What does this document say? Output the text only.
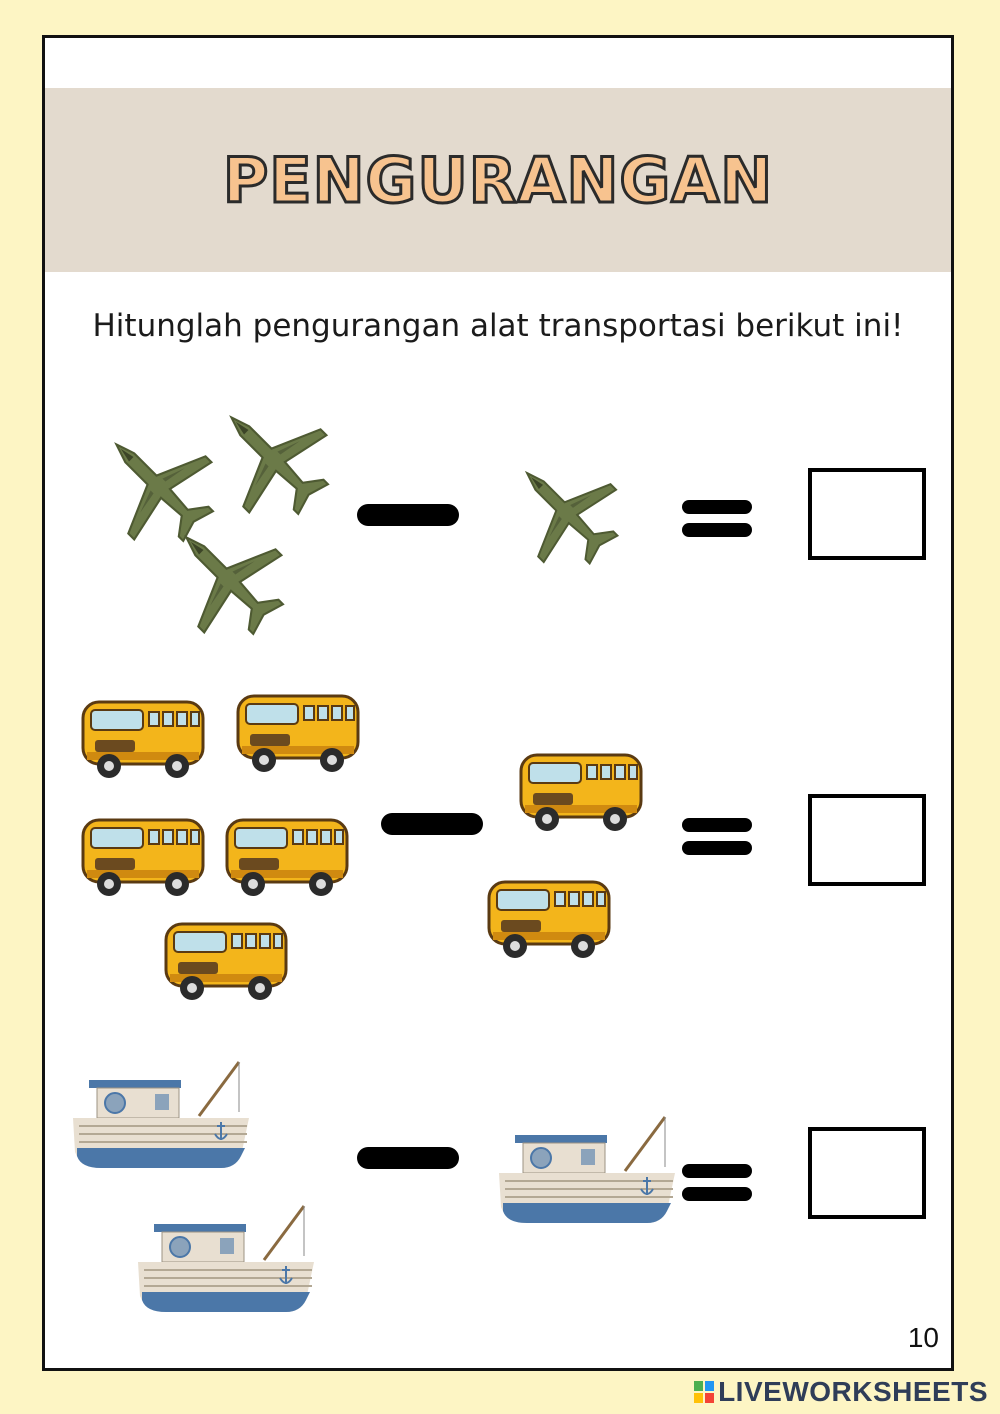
PENGURANGAN
Hitunglah pengurangan alat transportasi berikut ini!
10
LIVEWORKSHEETS
